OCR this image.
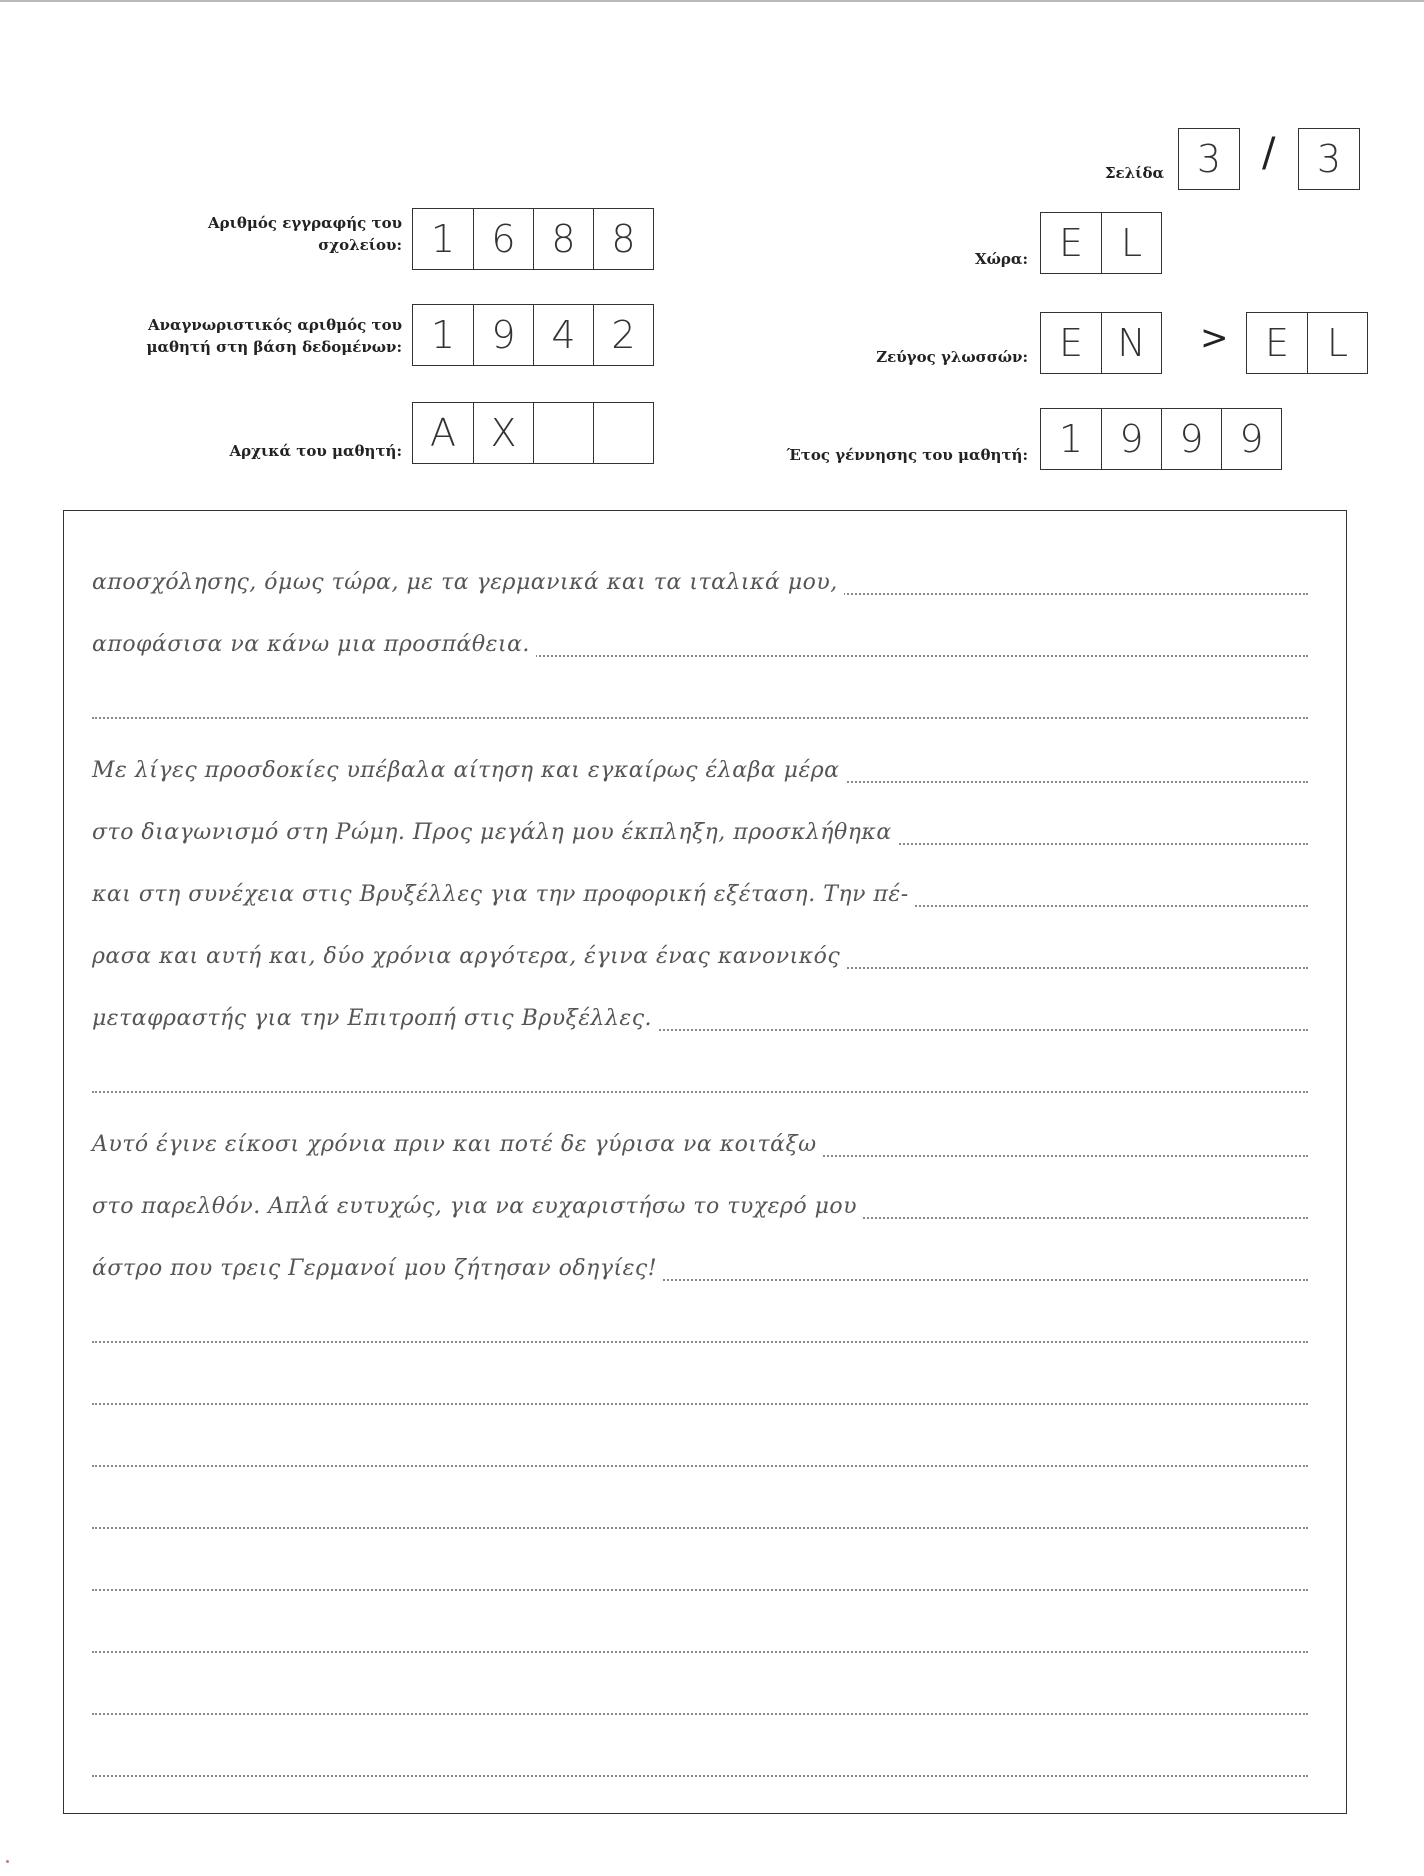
Σελίδα 3	/	3
Αριθμός εγγραφής του
σχολείου: 1 6 8 8	Χώρα: E L
Αναγνωριστικός αριθμός του
μαθητή στη βάση δεδομένων: 1 9 4 2	Ζεύγος γλωσσών: E N	> E L
Αρχικά του μαθητή: A X	Έτος γέννησης του μαθητή: 1 9 9 9
αποσχόλησης, όμως τώρα, με τα γερμανικά και τα ιταλικά μου,
αποφάσισα να κάνω μια προσπάθεια.
Με λίγες προσδοκίες υπέβαλα αίτηση και εγκαίρως έλαβα μέρα
στο διαγωνισμό στη Ρώμη. Προς μεγάλη μου έκπληξη, προσκλήθηκα
και στη συνέχεια στις Βρυξέλλες για την προφορική εξέταση. Την πέ-
ρασα και αυτή και, δύο χρόνια αργότερα, έγινα ένας κανονικός
μεταφραστής για την Επιτροπή στις Βρυξέλλες.
Αυτό έγινε είκοσι χρόνια πριν και ποτέ δε γύρισα να κοιτάξω
στο παρελθόν. Απλά ευτυχώς, για να ευχαριστήσω το τυχερό μου
άστρο που τρεις Γερμανοί μου ζήτησαν οδηγίες!
